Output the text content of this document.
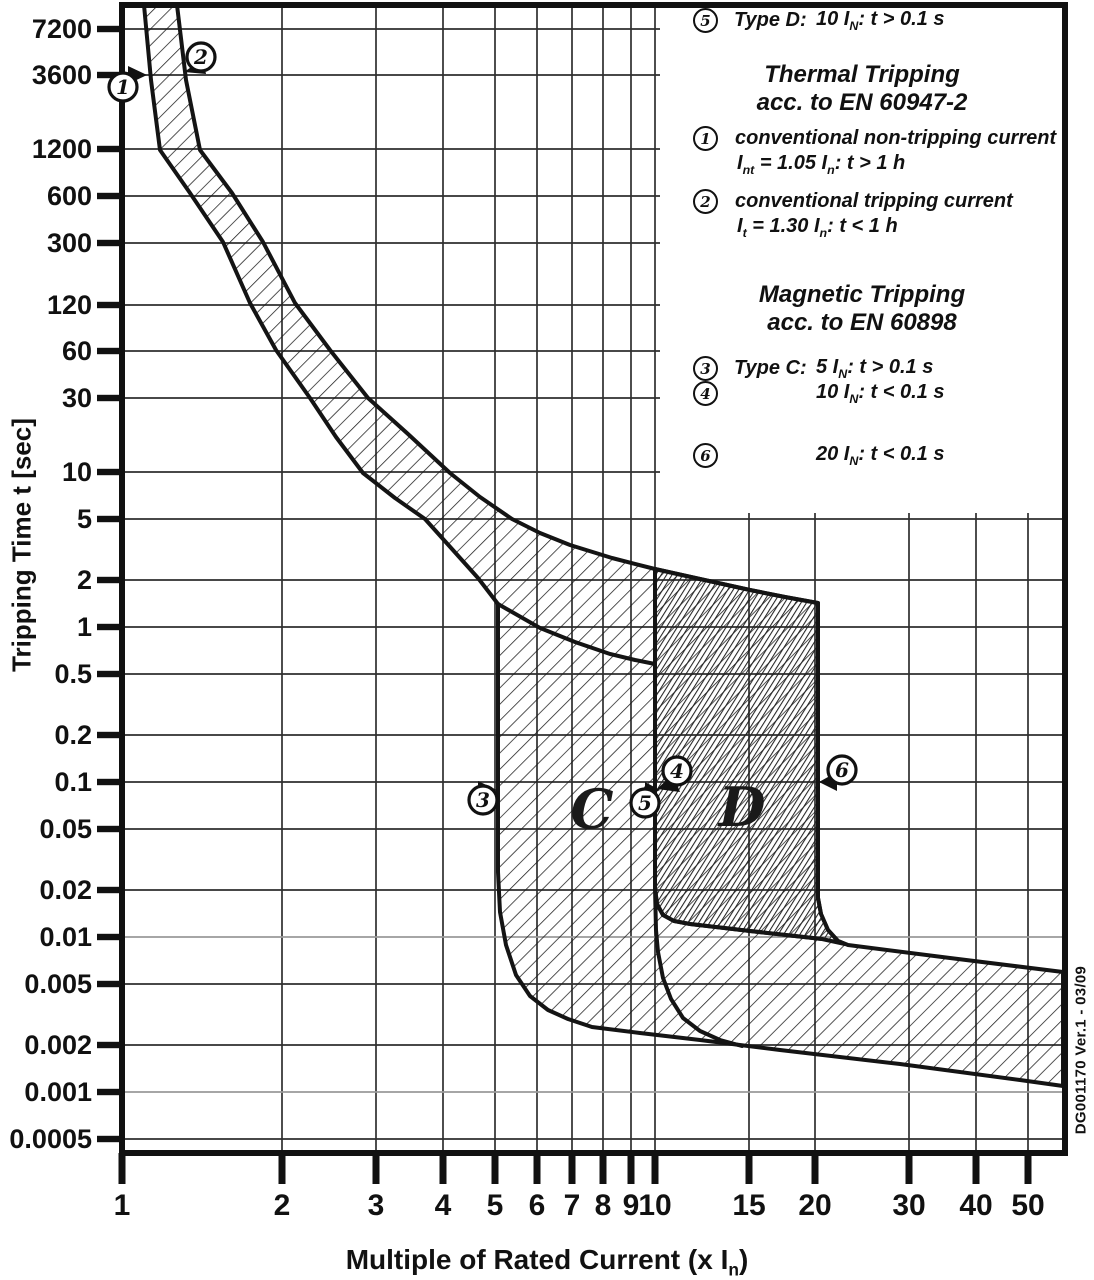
7200
3600
1200
600
300
120
60
30
10
5
2
1
0.5
0.2
0.1
0.05
0.02
0.01
0.005
0.002
0.001
0.0005
1	2	3 4 5 6 7 8 9
10 15 20 30 40 50
C D
1
2
3
4
5
6
Thermal Tripping
acc. to EN 60947-2
1	conventional non-tripping current
$I_{nt} = 1.05$ $I_n$: t > 1 h
2	conventional tripping current
$I_t = 1.30$ $I_n$: t < 1 h
Magnetic Tripping
acc. to EN 60898
3	Type C: 5 $I_N$: t > 0.1 s
4	10 $I_N$: t < 0.1 s
5	Type D: 10 $I_N$: t > 0.1 s
6	20 $I_N$: t < 0.1 s
Tripping Time t [sec]
Multiple of Rated Current (x $I_n$)
DG001170 Ver.1 - 03/09
